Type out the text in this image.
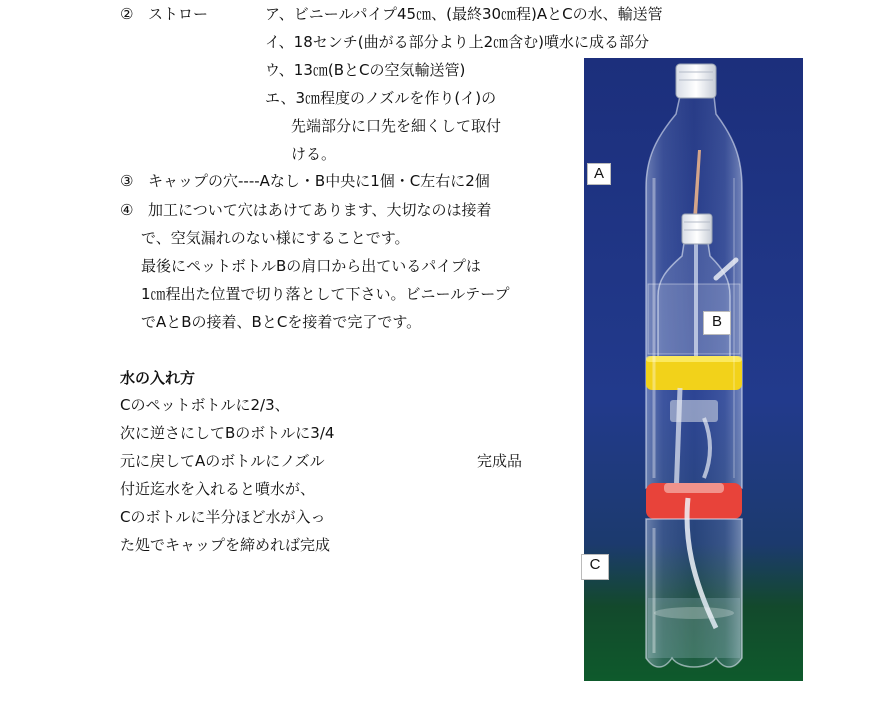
② ストロー	ア、ビニールパイプ45㎝、(最終30㎝程)AとCの水、輸送管
イ、18センチ(曲がる部分より上2㎝含む)噴水に成る部分
ウ、13㎝(BとCの空気輸送管)
エ、3㎝程度のノズルを作り(イ)の
先端部分に口先を細くして取付
ける。
③ キャップの穴----Aなし・B中央に1個・C左右に2個
④ 加工について穴はあけてあります、大切なのは接着
で、空気漏れのない様にすることです。
最後にペットボトルBの肩口から出ているパイプは
1㎝程出た位置で切り落として下さい。ビニールテープ
でAとBの接着、BとCを接着で完了です。
水の入れ方
Cのペットボトルに2/3、
次に逆さにしてBのボトルに3/4
元に戻してAのボトルにノズル
付近迄水を入れると噴水が、
Cのボトルに半分ほど水が入っ
た処でキャップを締めれば完成
完成品
A
B
C
